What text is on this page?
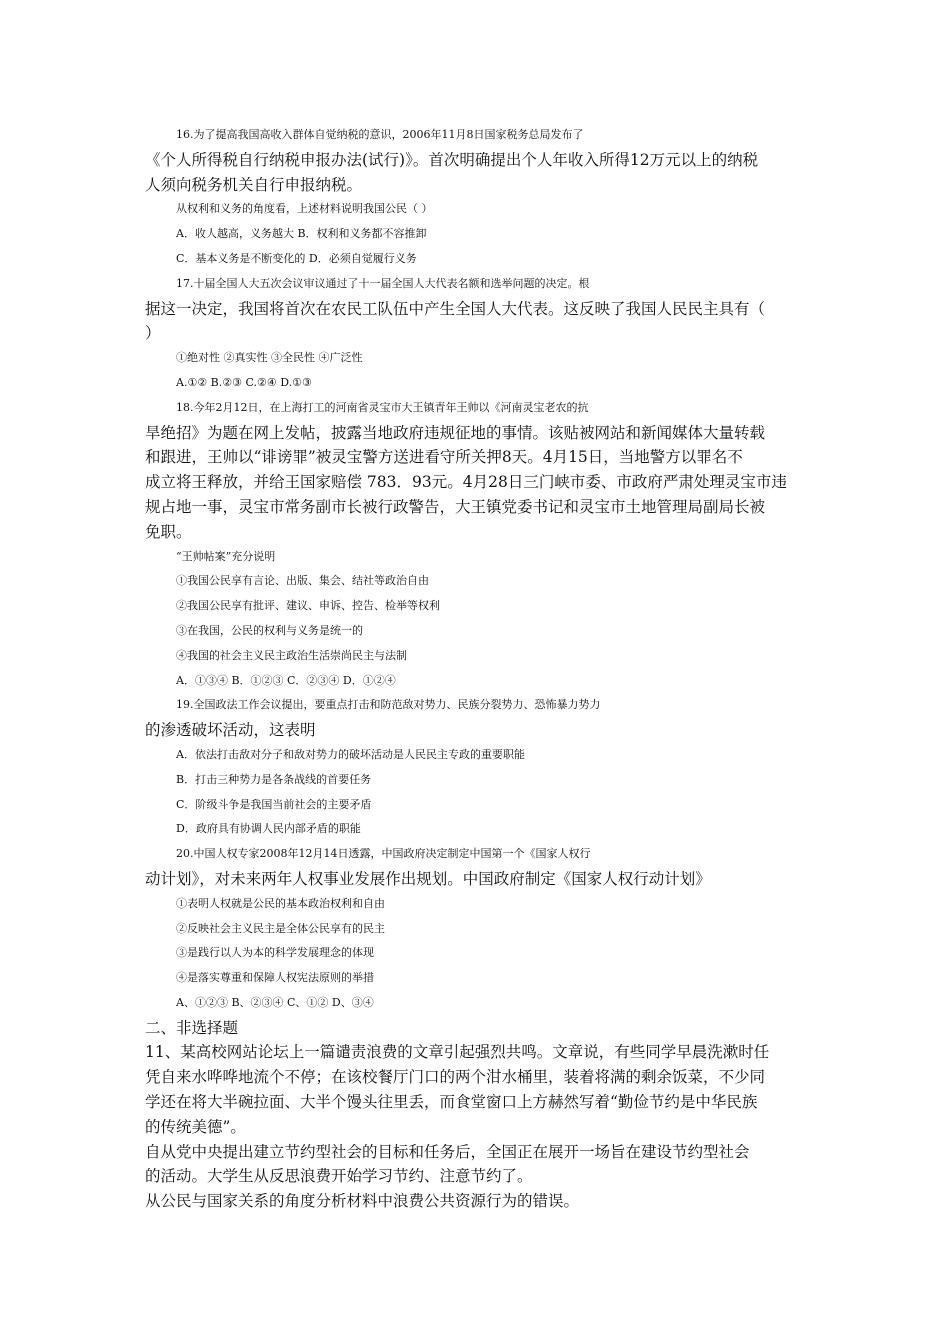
16.为了提高我国高收入群体自觉纳税的意识，2006年11月8日国家税务总局发布了
《个人所得税自行纳税申报办法(试行)》。首次明确提出个人年收入所得12万元以上的纳税
人须向税务机关自行申报纳税。
从权利和义务的角度看，上述材料说明我国公民（ ）
A．收人越高，义务越大 B．权利和义务都不容推卸
C．基本义务是不断变化的 D．必须自觉履行义务
17.十届全国人大五次会议审议通过了十一届全国人大代表名额和选举问题的决定。根
据这一决定，我国将首次在农民工队伍中产生全国人大代表。这反映了我国人民民主具有（
）
①绝对性 ②真实性 ③全民性 ④广泛性
A.①② B.②③ C.②④ D.①③
18.今年2月12日，在上海打工的河南省灵宝市大王镇青年王帅以《河南灵宝老农的抗
旱绝招》为题在网上发帖，披露当地政府违规征地的事情。该贴被网站和新闻媒体大量转载
和跟进，王帅以“诽谤罪”被灵宝警方送进看守所关押8天。4月15日，当地警方以罪名不
成立将王释放，并给王国家赔偿 783．93元。4月28日三门峡市委、市政府严肃处理灵宝市违
规占地一事，灵宝市常务副市长被行政警告，大王镇党委书记和灵宝市土地管理局副局长被
免职。
“王帅帖案”充分说明
①我国公民享有言论、出版、集会、结社等政治自由
②我国公民享有批评、建议、申诉、控告、检举等权利
③在我国，公民的权利与义务是统一的
④我国的社会主义民主政治生活崇尚民主与法制
A．①③④ B．①②③ C．②③④ D．①②④
19.全国政法工作会议提出，要重点打击和防范敌对势力、民族分裂势力、恐怖暴力势力
的渗透破坏活动，这表明
A．依法打击敌对分子和敌对势力的破坏活动是人民民主专政的重要职能
B．打击三种势力是各条战线的首要任务
C．阶级斗争是我国当前社会的主要矛盾
D．政府具有协调人民内部矛盾的职能
20.中国人权专家2008年12月14日透露，中国政府决定制定中国第一个《国家人权行
动计划》，对未来两年人权事业发展作出规划。中国政府制定《国家人权行动计划》
①表明人权就是公民的基本政治权利和自由
②反映社会主义民主是全体公民享有的民主
③是践行以人为本的科学发展理念的体现
④是落实尊重和保障人权宪法原则的举措
A、①②③ B、②③④ C、①② D、③④
二、非选择题
11、某高校网站论坛上一篇谴责浪费的文章引起强烈共鸣。文章说，有些同学早晨洗漱时任
凭自来水哗哗地流个不停；在该校餐厅门口的两个泔水桶里，装着将满的剩余饭菜，不少同
学还在将大半碗拉面、大半个馒头往里丢，而食堂窗口上方赫然写着“勤俭节约是中华民族
的传统美德”。
自从党中央提出建立节约型社会的目标和任务后，全国正在展开一场旨在建设节约型社会
的活动。大学生从反思浪费开始学习节约、注意节约了。
从公民与国家关系的角度分析材料中浪费公共资源行为的错误。
